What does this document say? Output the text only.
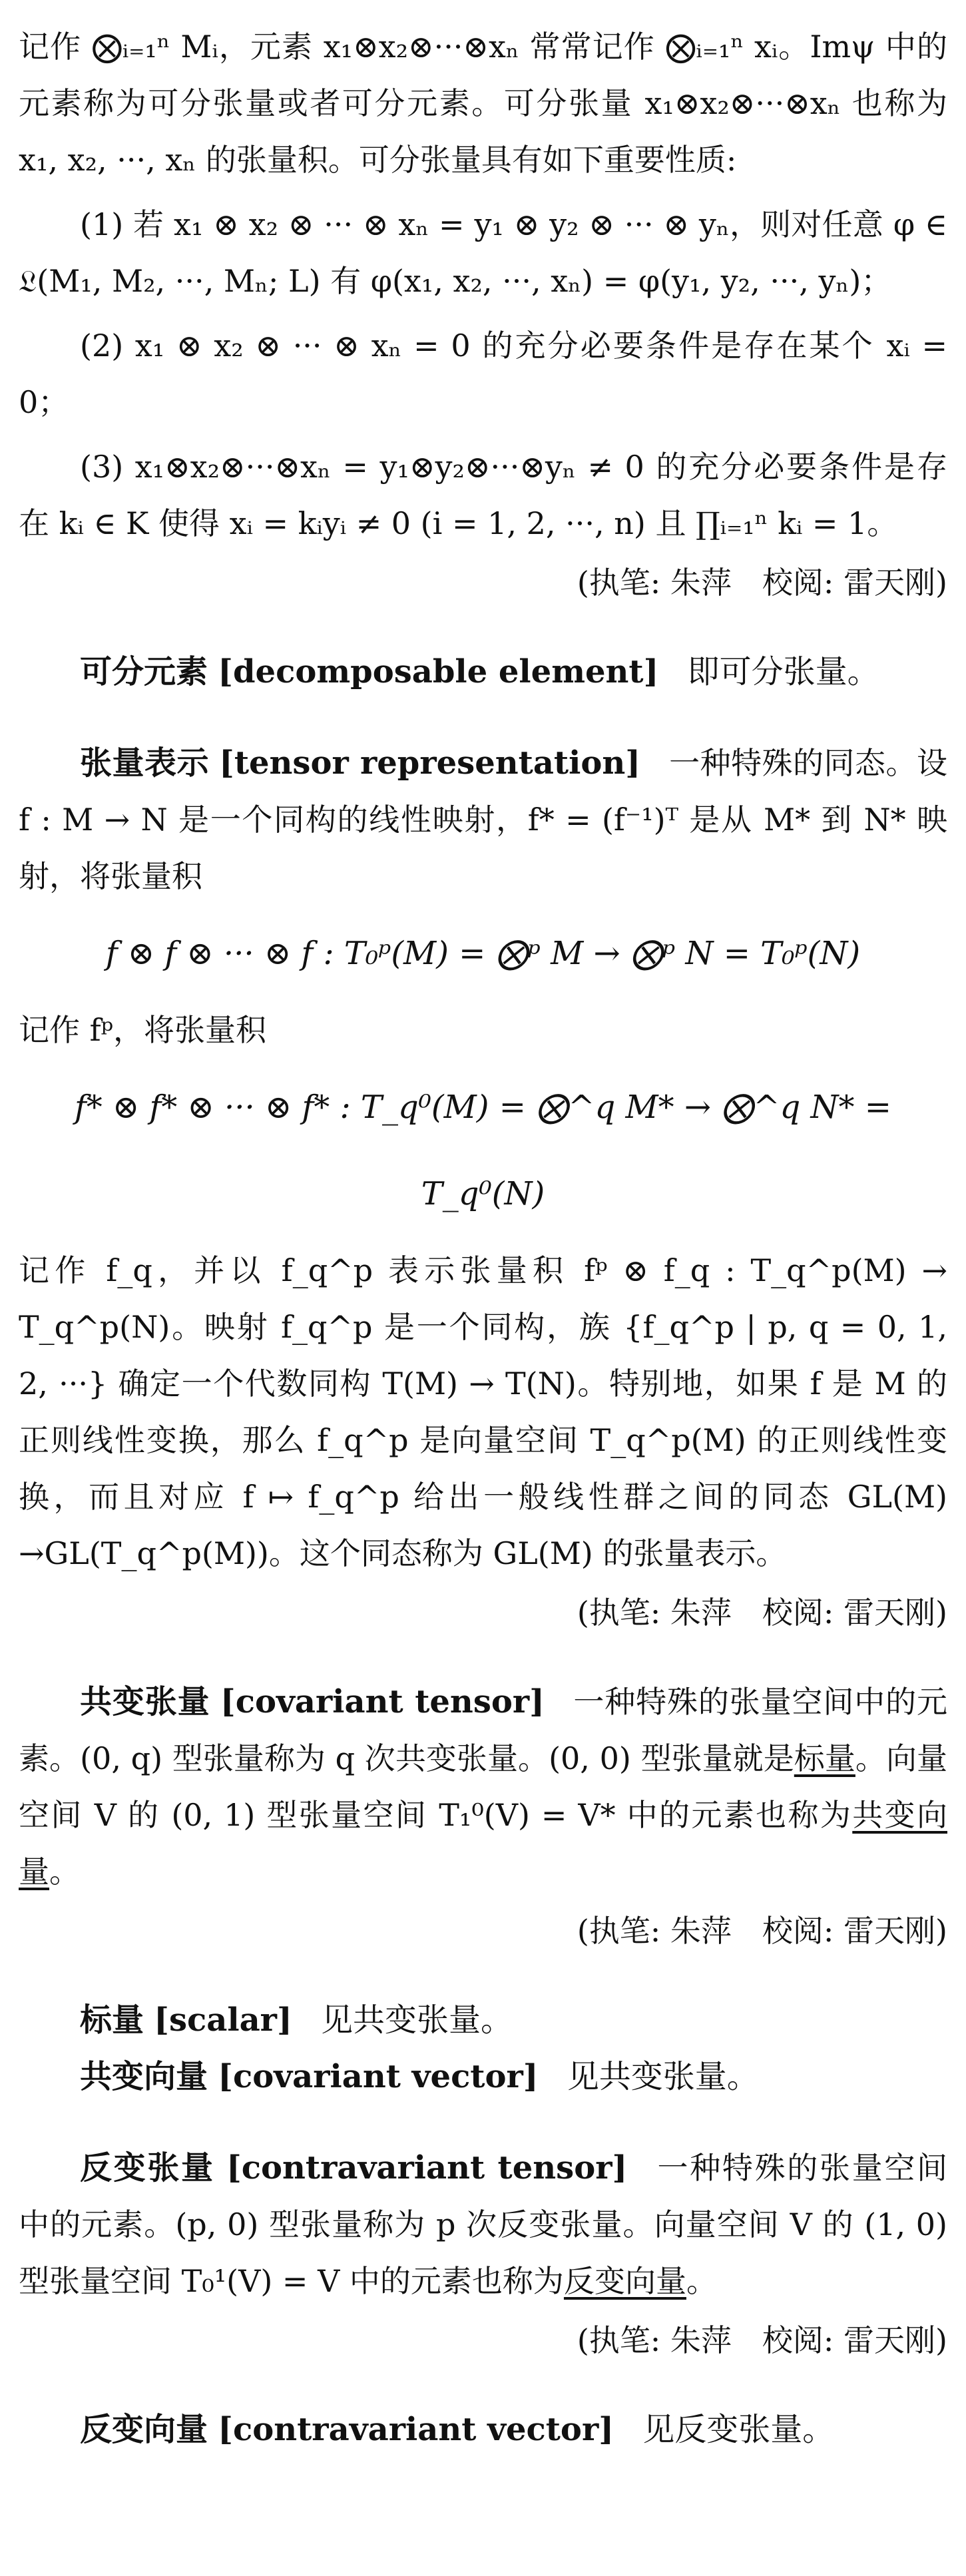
记作 ⨂ᵢ₌₁ⁿ Mᵢ，元素 x₁⊗x₂⊗···⊗xₙ 常常记作 ⨂ᵢ₌₁ⁿ xᵢ。Imψ 中的元素称为可分张量或者可分元素。可分张量 x₁⊗x₂⊗···⊗xₙ 也称为 x₁, x₂, ···, xₙ 的张量积。可分张量具有如下重要性质:

(1) 若 x₁ ⊗ x₂ ⊗ ··· ⊗ xₙ = y₁ ⊗ y₂ ⊗ ··· ⊗ yₙ，则对任意 φ ∈ 𝔏(M₁, M₂, ···, Mₙ; L) 有 φ(x₁, x₂, ···, xₙ) = φ(y₁, y₂, ···, yₙ)；

(2) x₁ ⊗ x₂ ⊗ ··· ⊗ xₙ = 0 的充分必要条件是存在某个 xᵢ = 0；

(3) x₁⊗x₂⊗···⊗xₙ = y₁⊗y₂⊗···⊗yₙ ≠ 0 的充分必要条件是存在 kᵢ ∈ K 使得 xᵢ = kᵢyᵢ ≠ 0 (i = 1, 2, ···, n) 且 ∏ᵢ₌₁ⁿ kᵢ = 1。

(执笔: 朱萍　校阅: 雷天刚)

可分元素 [decomposable element] 即可分张量。

张量表示 [tensor representation] 一种特殊的同态。设 f : M → N 是一个同构的线性映射，f* = (f⁻¹)ᵀ 是从 M* 到 N* 映射，将张量积

f ⊗ f ⊗ ··· ⊗ f : T₀ᵖ(M) = ⨂ᵖ M → ⨂ᵖ N = T₀ᵖ(N)

记作 fᵖ，将张量积

f* ⊗ f* ⊗ ··· ⊗ f* : T_q⁰(M) = ⨂^q M* → ⨂^q N* = T_q⁰(N)

记作 f_q，并以 f_q^p 表示张量积 fᵖ ⊗ f_q : T_q^p(M) → T_q^p(N)。映射 f_q^p 是一个同构，族 {f_q^p | p, q = 0, 1, 2, ···} 确定一个代数同构 T(M) → T(N)。特别地，如果 f 是 M 的正则线性变换，那么 f_q^p 是向量空间 T_q^p(M) 的正则线性变换，而且对应 f ↦ f_q^p 给出一般线性群之间的同态 GL(M) →GL(T_q^p(M))。这个同态称为 GL(M) 的张量表示。

(执笔: 朱萍　校阅: 雷天刚)

共变张量 [covariant tensor] 一种特殊的张量空间中的元素。(0, q) 型张量称为 q 次共变张量。(0, 0) 型张量就是标量。向量空间 V 的 (0, 1) 型张量空间 T₁⁰(V) = V* 中的元素也称为共变向量。

(执笔: 朱萍　校阅: 雷天刚)

标量 [scalar] 见共变张量。

共变向量 [covariant vector] 见共变张量。

反变张量 [contravariant tensor] 一种特殊的张量空间中的元素。(p, 0) 型张量称为 p 次反变张量。向量空间 V 的 (1, 0) 型张量空间 T₀¹(V) = V 中的元素也称为反变向量。

(执笔: 朱萍　校阅: 雷天刚)

反变向量 [contravariant vector] 见反变张量。
